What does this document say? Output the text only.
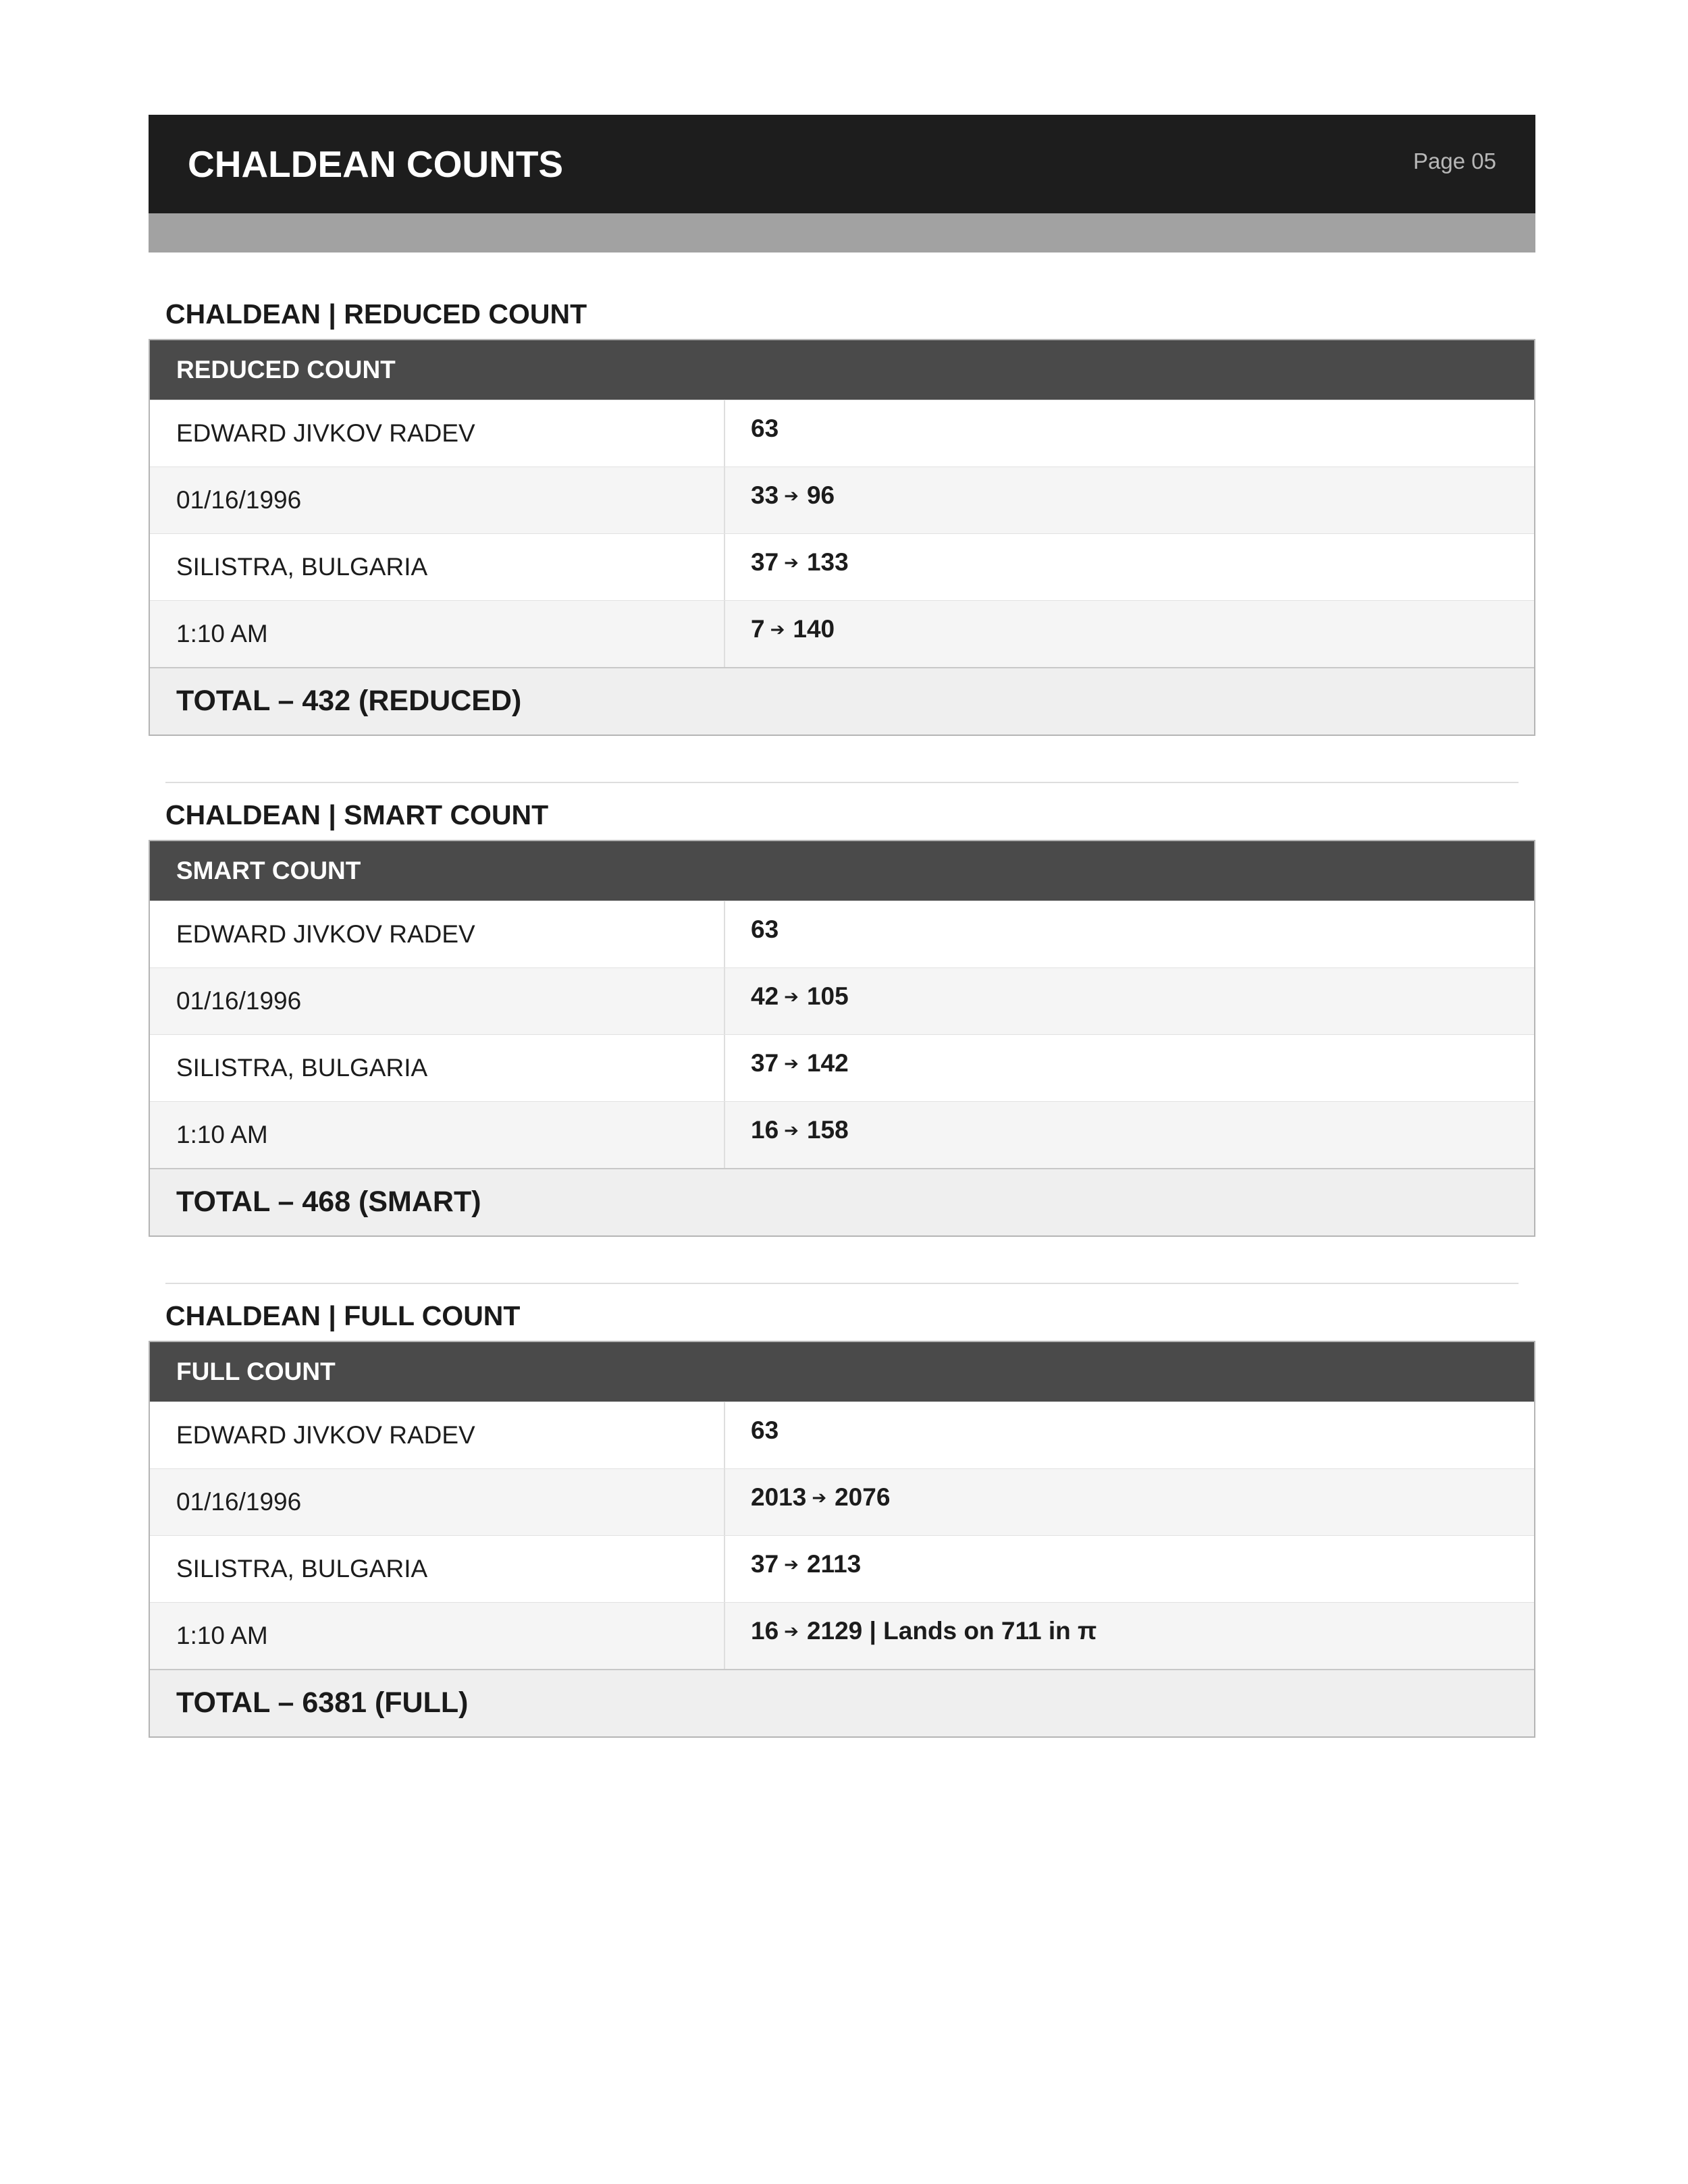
CHALDEAN COUNTS	Page 05
CHALDEAN | REDUCED COUNT
REDUCED COUNT
EDWARD JIVKOV RADEV	63
01/16/1996	33 ➔ 96
SILISTRA, BULGARIA	37 ➔ 133
1:10 AM	7 ➔ 140
TOTAL – 432 (REDUCED)
CHALDEAN | SMART COUNT
SMART COUNT
EDWARD JIVKOV RADEV	63
01/16/1996	42 ➔ 105
SILISTRA, BULGARIA	37 ➔ 142
1:10 AM	16 ➔ 158
TOTAL – 468 (SMART)
CHALDEAN | FULL COUNT
FULL COUNT
EDWARD JIVKOV RADEV	63
01/16/1996	2013 ➔ 2076
SILISTRA, BULGARIA	37 ➔ 2113
1:10 AM	16 ➔ 2129 | Lands on 711 in π
TOTAL – 6381 (FULL)
